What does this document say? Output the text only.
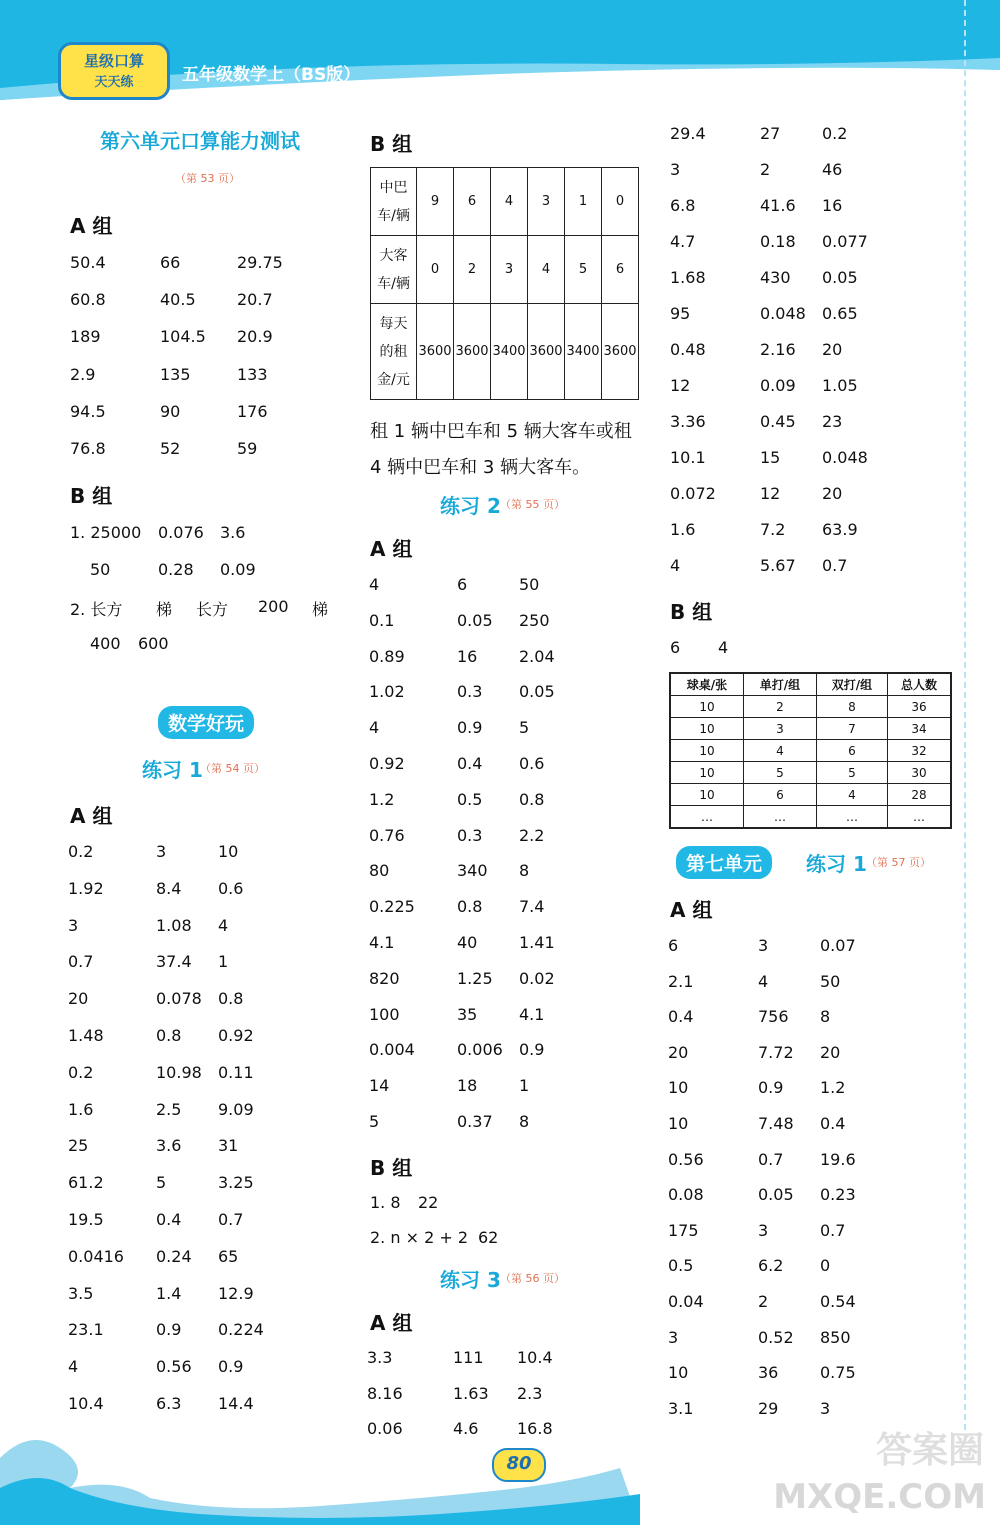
星级口算
天天练	五年级数学上（BS版）
第六单元口算能力测试
（第 53 页）
A 组
50.4	66	29.75
60.8	40.5	20.7
189	104.5 20.9
2.9	135	133
94.5	90	176
76.8	52	59
B 组
1. 25000 0.076 3.6
50	0.28 0.09
2. 长方 梯 长方 200 梯
400 600
数学好玩
练习 1
（第 54 页）
A 组
0.2	3	10
1.92	8.4 0.6
3	1.08 4
0.7	37.4 1
20	0.078 0.8
1.48	0.8 0.92
0.2	10.98 0.11
1.6	2.5 9.09
25	3.6 31
61.2	5	3.25
19.5	0.4 0.7
0.0416 0.24 65
3.5	1.4 12.9
23.1	0.9 0.224
4	0.56 0.9
10.4	6.3 14.4
B 组
中巴
车/辆	9	6	4	3	1	0
大客
车/辆	0	2	3	4	5	6
每天
的租
金/元	3600	3600	3400	3600	3400	3600
租 1 辆中巴车和 5 辆大客车或租
4 辆中巴车和 3 辆大客车。
练习 2 （第 55 页）
A 组
4	6	50
0.1	0.05 250
0.89	16	2.04
1.02	0.3 0.05
4	0.9 5
0.92	0.4 0.6
1.2	0.5 0.8
0.76	0.3 2.2
80	340 8
0.225	0.8 7.4
4.1	40	1.41
820	1.25 0.02
100	35	4.1
0.004	0.006 0.9
14	18	1
5	0.37 8
B 组
1. 8 22
2. n × 2 + 2 62
练习 3 （第 56 页）
A 组
3.3	111 10.4
8.16	1.63 2.3
0.06	4.6 16.8
29.4	27	0.2
3	2	46
6.8	41.6 16
4.7	0.18 0.077
1.68	430 0.05
95	0.048 0.65
0.48	2.16 20
12	0.09 1.05
3.36	0.45 23
10.1	15	0.048
0.072	12	20
1.6	7.2 63.9
4	5.67 0.7
B 组
6 4
球桌/张	单打/组	双打/组	总人数
10	2	8	36
10	3	7	34
10	4	6	32
10	5	5	30
10	6	4	28
…	…	…	…
第七单元	练习 1 （第 57 页）
A 组
6	3	0.07
2.1	4	50
0.4	756 8
20	7.72 20
10	0.9 1.2
10	7.48 0.4
0.56	0.7 19.6
0.08	0.05 0.23
175	3	0.7
0.5	6.2 0
0.04	2	0.54
3	0.52 850
10	36	0.75
3.1	29	3
80	答案圈
MXQE.COM
